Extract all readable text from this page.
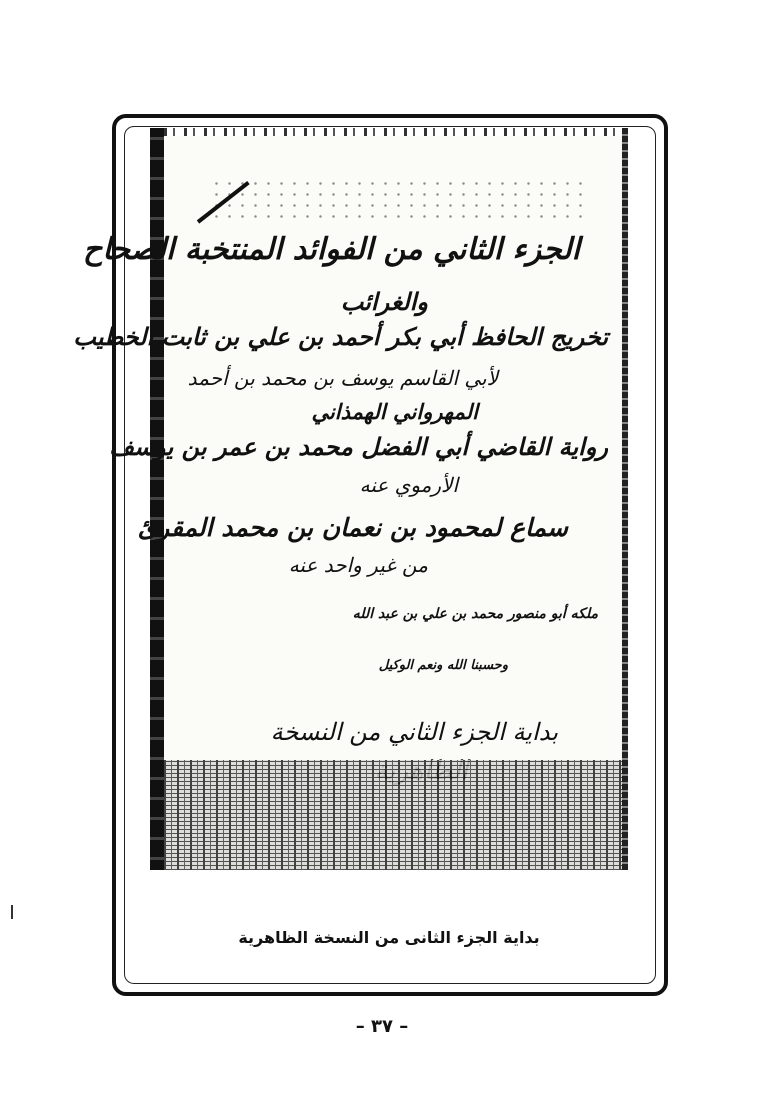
الجزء الثاني من الفوائد المنتخبة الصحاح
والغرائب
تخريج الحافظ أبي بكر أحمد بن علي بن ثابت الخطيب
لأبي القاسم يوسف بن محمد بن أحمد
المهرواني الهمذاني
رواية القاضي أبي الفضل محمد بن عمر بن يوسف
الأرموي عنه
سماع لمحمود بن نعمان بن محمد المقرئ
من غير واحد عنه
ملكه أبو منصور محمد بن علي بن عبد الله
وحسبنا الله ونعم الوكيل
بداية الجزء الثاني من النسخة
بداية الجزء الثانى من النسخة الظاهرية
– ٣٧ –
